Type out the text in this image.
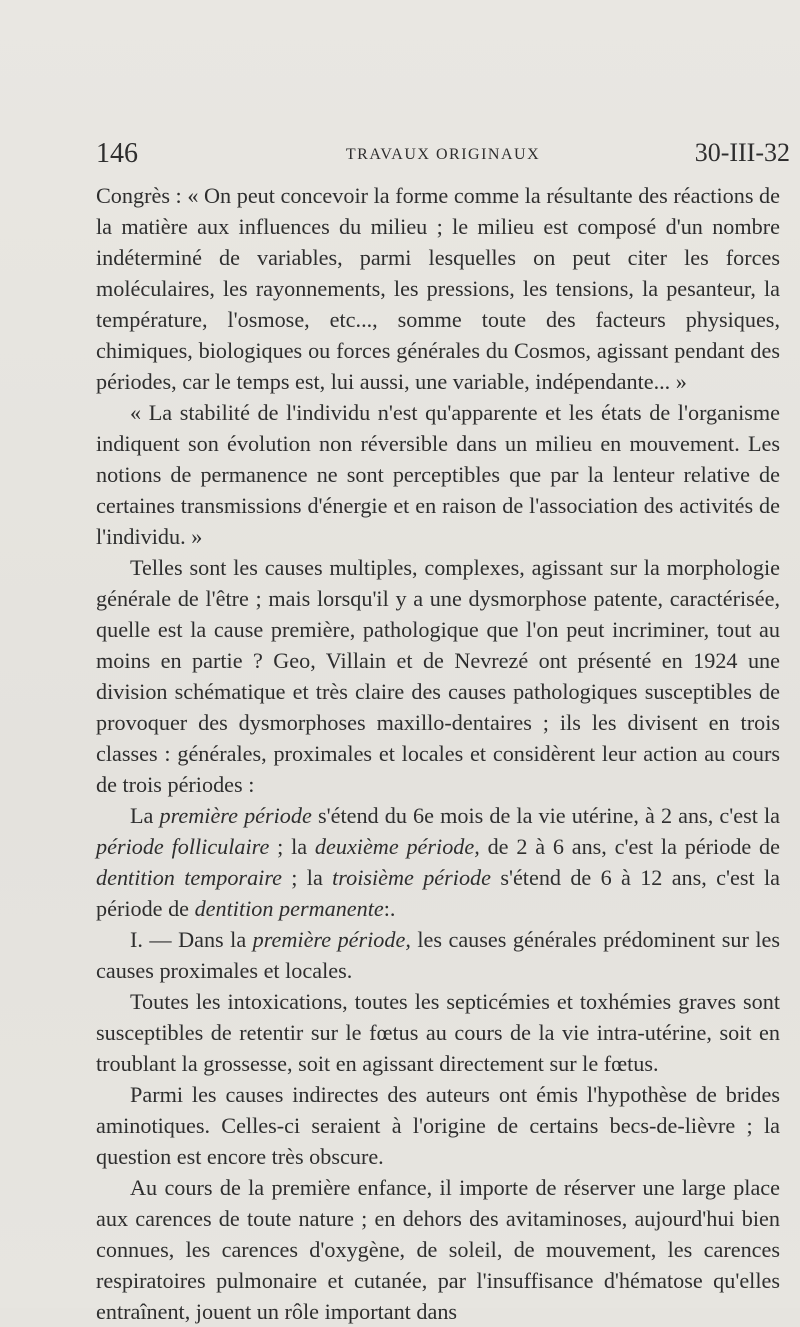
146	TRAVAUX ORIGINAUX	30-III-32

Congrès : « On peut concevoir la forme comme la résultante des réactions de la matière aux influences du milieu ; le milieu est composé d'un nombre indéterminé de variables, parmi lesquelles on peut citer les forces moléculaires, les rayonnements, les pressions, les tensions, la pesanteur, la température, l'osmose, etc..., somme toute des facteurs physiques, chimiques, biologiques ou forces générales du Cosmos, agissant pendant des périodes, car le temps est, lui aussi, une variable, indépendante... »

« La stabilité de l'individu n'est qu'apparente et les états de l'organisme indiquent son évolution non réversible dans un milieu en mouvement. Les notions de permanence ne sont perceptibles que par la lenteur relative de certaines transmissions d'énergie et en raison de l'association des activités de l'individu. »

Telles sont les causes multiples, complexes, agissant sur la morphologie générale de l'être ; mais lorsqu'il y a une dysmorphose patente, caractérisée, quelle est la cause première, pathologique que l'on peut incriminer, tout au moins en partie ? Geo, Villain et de Nevrezé ont présenté en 1924 une division schématique et très claire des causes pathologiques susceptibles de provoquer des dysmorphoses maxillo-dentaires ; ils les divisent en trois classes : générales, proximales et locales et considèrent leur action au cours de trois périodes :

La première période s'étend du 6e mois de la vie utérine, à 2 ans, c'est la période folliculaire ; la deuxième période, de 2 à 6 ans, c'est la période de dentition temporaire ; la troisième période s'étend de 6 à 12 ans, c'est la période de dentition permanente:.

I. — Dans la première période, les causes générales prédominent sur les causes proximales et locales.

Toutes les intoxications, toutes les septicémies et toxhémies graves sont susceptibles de retentir sur le fœtus au cours de la vie intra-utérine, soit en troublant la grossesse, soit en agissant directement sur le fœtus.

Parmi les causes indirectes des auteurs ont émis l'hypothèse de brides aminotiques. Celles-ci seraient à l'origine de certains becs-de-lièvre ; la question est encore très obscure.

Au cours de la première enfance, il importe de réserver une large place aux carences de toute nature ; en dehors des avitaminoses, aujourd'hui bien connues, les carences d'oxygène, de soleil, de mouvement, les carences respiratoires pulmonaire et cutanée, par l'insuffisance d'hématose qu'elles entraînent, jouent un rôle important dans
